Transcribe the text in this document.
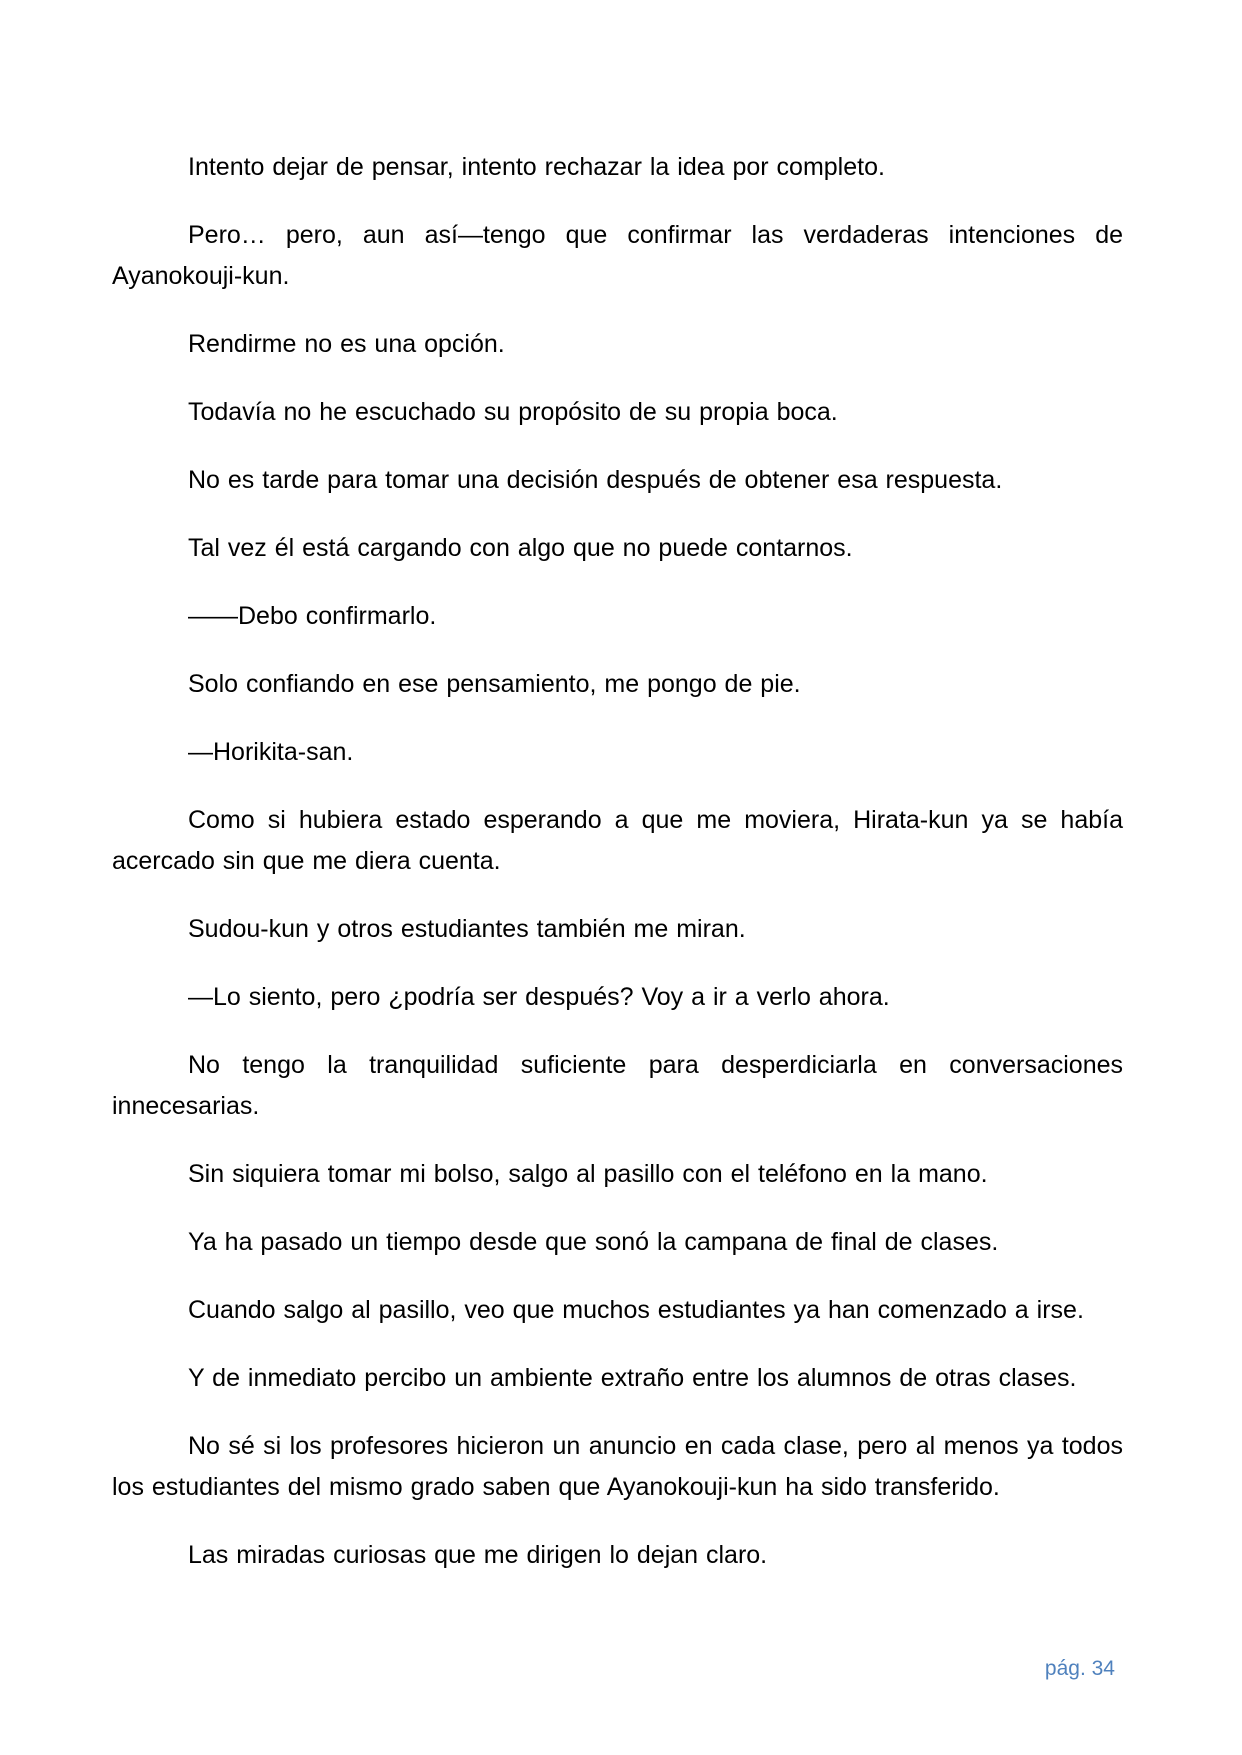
Intento dejar de pensar, intento rechazar la idea por completo.

Pero… pero, aun así—tengo que confirmar las verdaderas intenciones de Ayanokouji-kun.

Rendirme no es una opción.

Todavía no he escuchado su propósito de su propia boca.

No es tarde para tomar una decisión después de obtener esa respuesta.

Tal vez él está cargando con algo que no puede contarnos.

——Debo confirmarlo.

Solo confiando en ese pensamiento, me pongo de pie.

—Horikita-san.

Como si hubiera estado esperando a que me moviera, Hirata-kun ya se había acercado sin que me diera cuenta.

Sudou-kun y otros estudiantes también me miran.

—Lo siento, pero ¿podría ser después? Voy a ir a verlo ahora.

No tengo la tranquilidad suficiente para desperdiciarla en conversaciones innecesarias.

Sin siquiera tomar mi bolso, salgo al pasillo con el teléfono en la mano.

Ya ha pasado un tiempo desde que sonó la campana de final de clases.

Cuando salgo al pasillo, veo que muchos estudiantes ya han comenzado a irse.

Y de inmediato percibo un ambiente extraño entre los alumnos de otras clases.

No sé si los profesores hicieron un anuncio en cada clase, pero al menos ya todos los estudiantes del mismo grado saben que Ayanokouji-kun ha sido transferido.

Las miradas curiosas que me dirigen lo dejan claro.

pág. 34
